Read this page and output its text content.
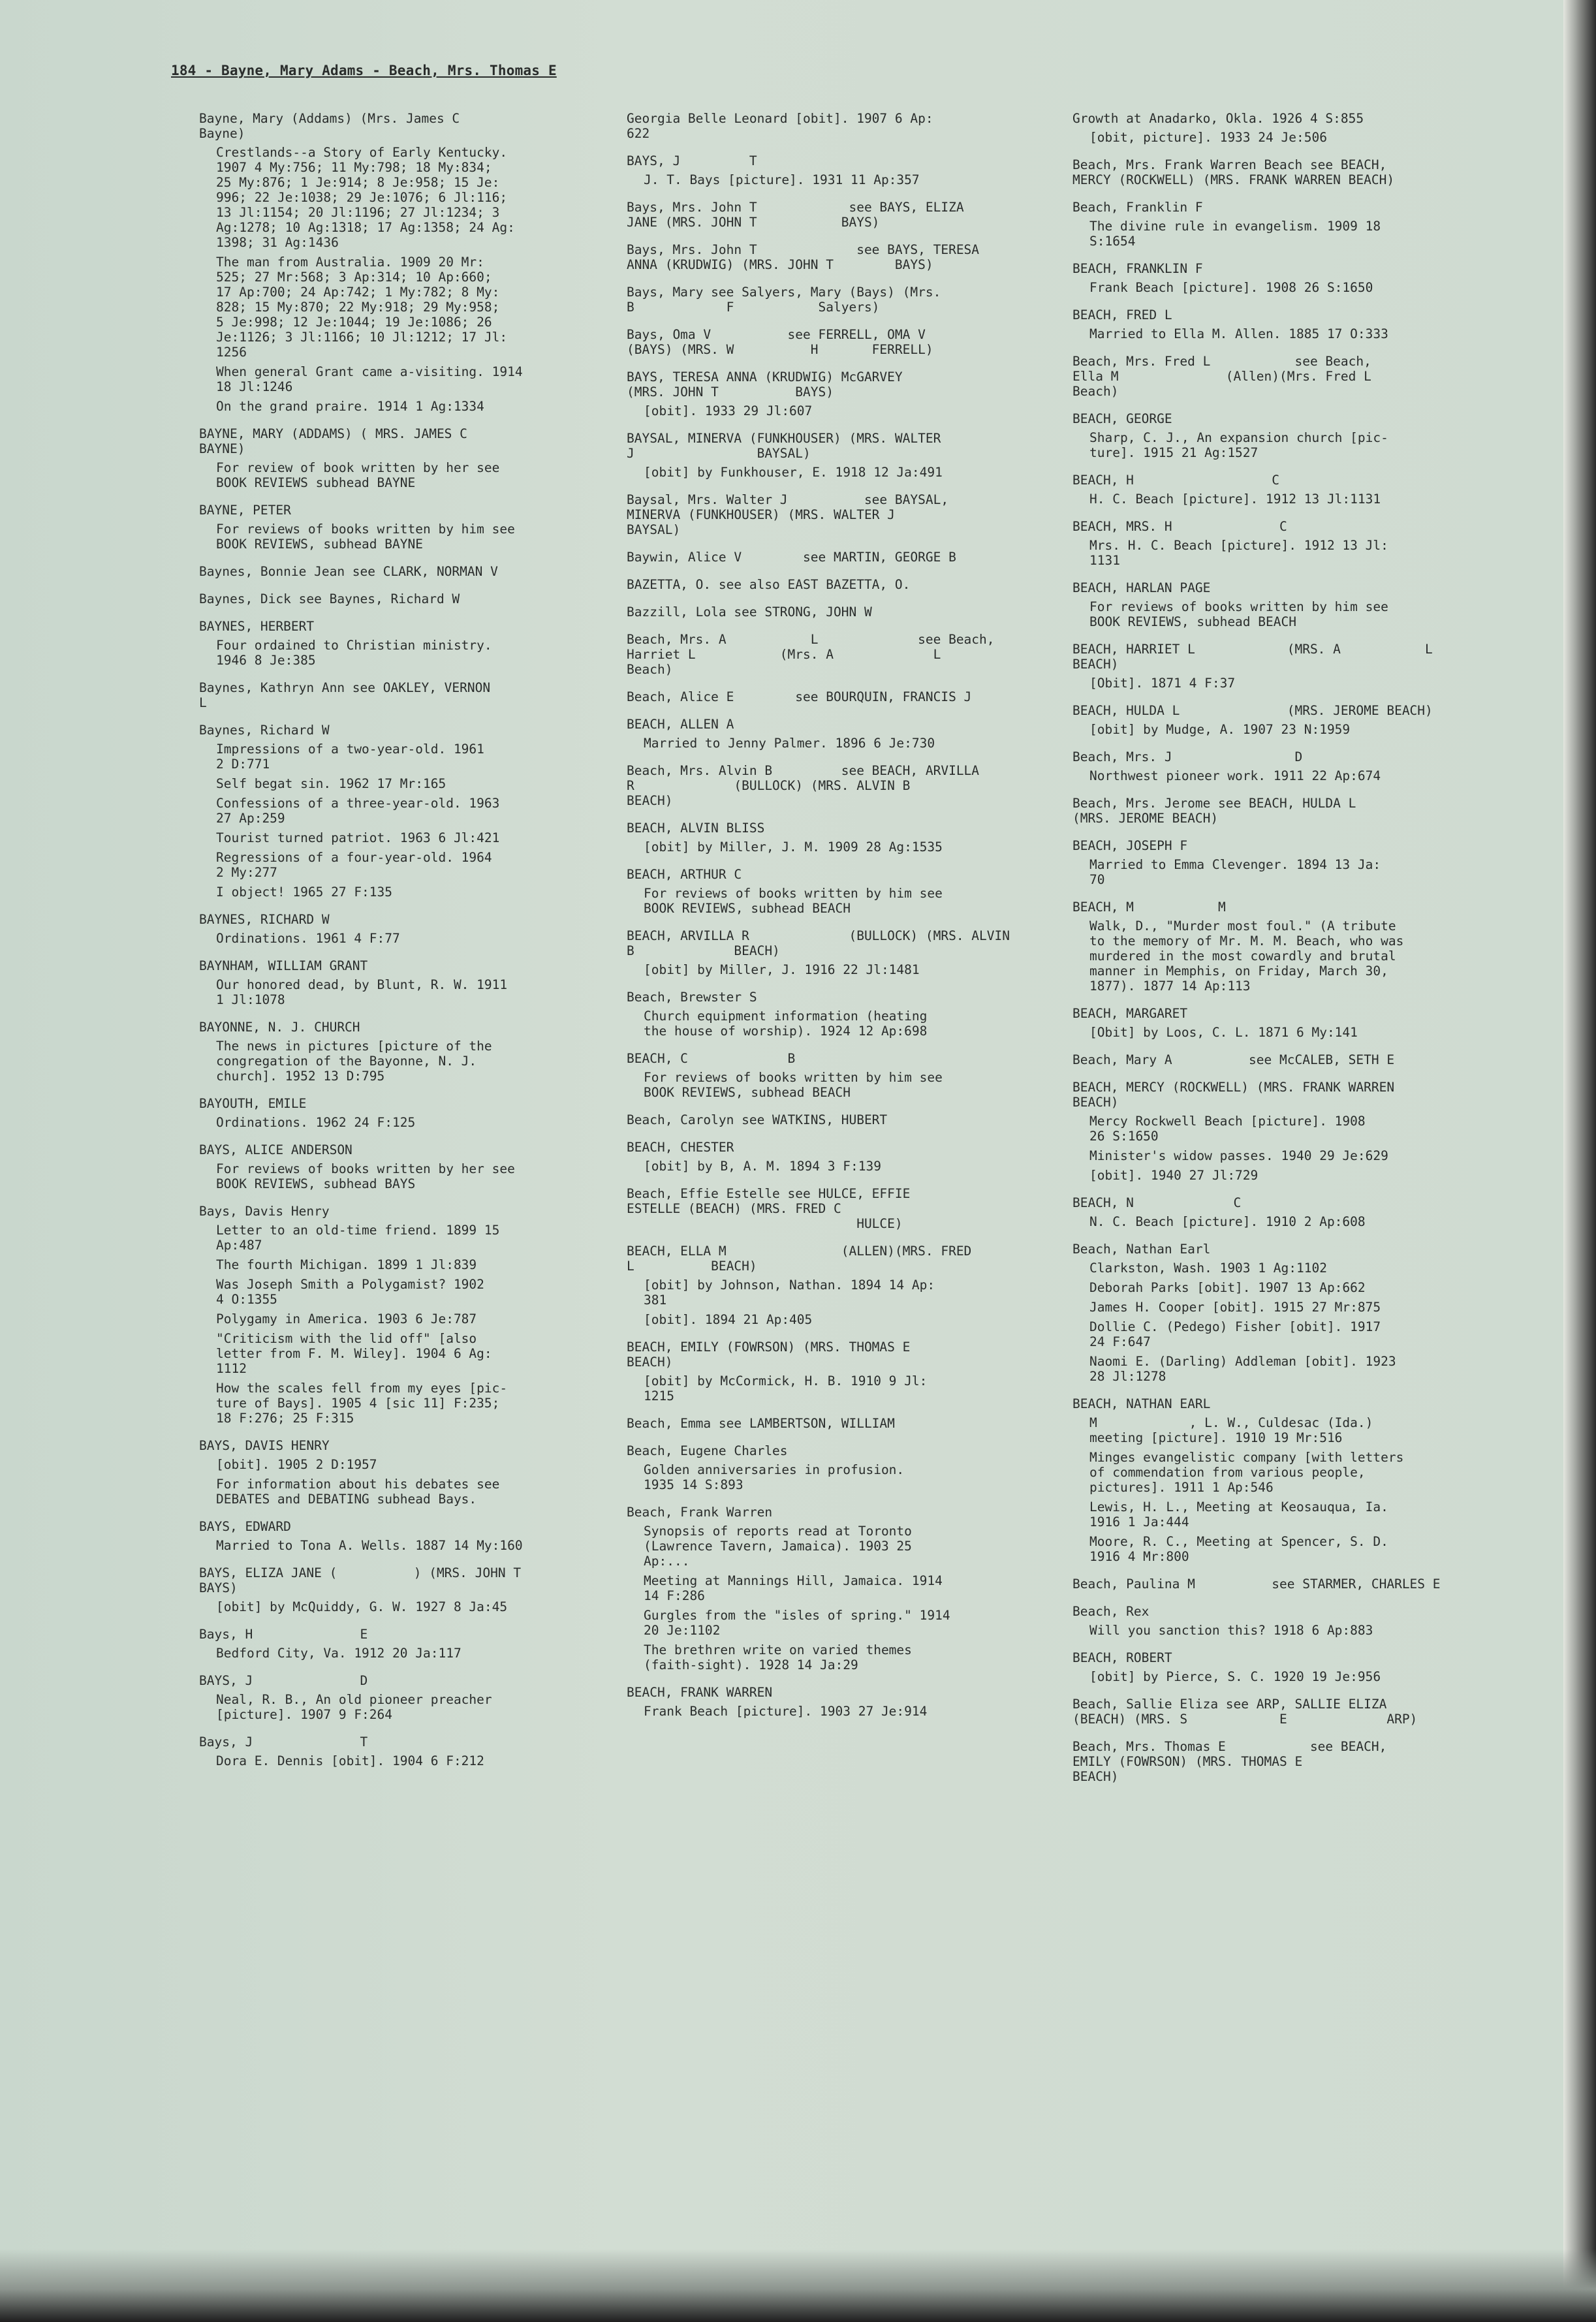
184 - Bayne, Mary Adams - Beach, Mrs. Thomas E
Bayne, Mary (Addams) (Mrs. James C
Bayne)
Crestlands--a Story of Early Kentucky.
1907 4 My:756; 11 My:798; 18 My:834;
25 My:876; 1 Je:914; 8 Je:958; 15 Je:
996; 22 Je:1038; 29 Je:1076; 6 Jl:116;
13 Jl:1154; 20 Jl:1196; 27 Jl:1234; 3
Ag:1278; 10 Ag:1318; 17 Ag:1358; 24 Ag:
1398; 31 Ag:1436
The man from Australia. 1909 20 Mr:
525; 27 Mr:568; 3 Ap:314; 10 Ap:660;
17 Ap:700; 24 Ap:742; 1 My:782; 8 My:
828; 15 My:870; 22 My:918; 29 My:958;
5 Je:998; 12 Je:1044; 19 Je:1086; 26
Je:1126; 3 Jl:1166; 10 Jl:1212; 17 Jl:
1256
When general Grant came a-visiting. 1914
18 Jl:1246
On the grand praire. 1914 1 Ag:1334
BAYNE, MARY (ADDAMS) ( MRS. JAMES C
BAYNE)
For review of book written by her see
BOOK REVIEWS subhead BAYNE
BAYNE, PETER
For reviews of books written by him see
BOOK REVIEWS, subhead BAYNE
Baynes, Bonnie Jean see CLARK, NORMAN V
Baynes, Dick see Baynes, Richard W
BAYNES, HERBERT
Four ordained to Christian ministry.
1946 8 Je:385
Baynes, Kathryn Ann see OAKLEY, VERNON
L
Baynes, Richard W
Impressions of a two-year-old. 1961
2 D:771
Self begat sin. 1962 17 Mr:165
Confessions of a three-year-old. 1963
27 Ap:259
Tourist turned patriot. 1963 6 Jl:421
Regressions of a four-year-old. 1964
2 My:277
I object! 1965 27 F:135
BAYNES, RICHARD W
Ordinations. 1961 4 F:77
BAYNHAM, WILLIAM GRANT
Our honored dead, by Blunt, R. W. 1911
1 Jl:1078
BAYONNE, N. J. CHURCH
The news in pictures [picture of the
congregation of the Bayonne, N. J.
church]. 1952 13 D:795
BAYOUTH, EMILE
Ordinations. 1962 24 F:125
BAYS, ALICE ANDERSON
For reviews of books written by her see
BOOK REVIEWS, subhead BAYS
Bays, Davis Henry
Letter to an old-time friend. 1899 15
Ap:487
The fourth Michigan. 1899 1 Jl:839
Was Joseph Smith a Polygamist? 1902
4 O:1355
Polygamy in America. 1903 6 Je:787
"Criticism with the lid off" [also
letter from F. M. Wiley]. 1904 6 Ag:
1112
How the scales fell from my eyes [pic-
ture of Bays]. 1905 4 [sic 11] F:235;
18 F:276; 25 F:315
BAYS, DAVIS HENRY
[obit]. 1905 2 D:1957
For information about his debates see
DEBATES and DEBATING subhead Bays.
BAYS, EDWARD
Married to Tona A. Wells. 1887 14 My:160
BAYS, ELIZA JANE (          ) (MRS. JOHN T
BAYS)
[obit] by McQuiddy, G. W. 1927 8 Ja:45
Bays, H              E
Bedford City, Va. 1912 20 Ja:117
BAYS, J              D
Neal, R. B., An old pioneer preacher
[picture]. 1907 9 F:264
Bays, J              T
Dora E. Dennis [obit]. 1904 6 F:212
Georgia Belle Leonard [obit]. 1907 6 Ap:
622
BAYS, J         T
J. T. Bays [picture]. 1931 11 Ap:357
Bays, Mrs. John T            see BAYS, ELIZA
JANE (MRS. JOHN T           BAYS)
Bays, Mrs. John T             see BAYS, TERESA
ANNA (KRUDWIG) (MRS. JOHN T        BAYS)
Bays, Mary see Salyers, Mary (Bays) (Mrs.
B            F           Salyers)
Bays, Oma V          see FERRELL, OMA V
(BAYS) (MRS. W          H       FERRELL)
BAYS, TERESA ANNA (KRUDWIG) McGARVEY
(MRS. JOHN T          BAYS)
[obit]. 1933 29 Jl:607
BAYSAL, MINERVA (FUNKHOUSER) (MRS. WALTER
J                BAYSAL)
[obit] by Funkhouser, E. 1918 12 Ja:491
Baysal, Mrs. Walter J          see BAYSAL,
MINERVA (FUNKHOUSER) (MRS. WALTER J
BAYSAL)
Baywin, Alice V        see MARTIN, GEORGE B
BAZETTA, O. see also EAST BAZETTA, O.
Bazzill, Lola see STRONG, JOHN W
Beach, Mrs. A           L             see Beach,
Harriet L           (Mrs. A             L
Beach)
Beach, Alice E        see BOURQUIN, FRANCIS J
BEACH, ALLEN A
Married to Jenny Palmer. 1896 6 Je:730
Beach, Mrs. Alvin B         see BEACH, ARVILLA
R             (BULLOCK) (MRS. ALVIN B
BEACH)
BEACH, ALVIN BLISS
[obit] by Miller, J. M. 1909 28 Ag:1535
BEACH, ARTHUR C
For reviews of books written by him see
BOOK REVIEWS, subhead BEACH
BEACH, ARVILLA R             (BULLOCK) (MRS. ALVIN
B             BEACH)
[obit] by Miller, J. 1916 22 Jl:1481
Beach, Brewster S
Church equipment information (heating
the house of worship). 1924 12 Ap:698
BEACH, C             B
For reviews of books written by him see
BOOK REVIEWS, subhead BEACH
Beach, Carolyn see WATKINS, HUBERT
BEACH, CHESTER
[obit] by B, A. M. 1894 3 F:139
Beach, Effie Estelle see HULCE, EFFIE
ESTELLE (BEACH) (MRS. FRED C
HULCE)
BEACH, ELLA M               (ALLEN)(MRS. FRED
L          BEACH)
[obit] by Johnson, Nathan. 1894 14 Ap:
381
[obit]. 1894 21 Ap:405
BEACH, EMILY (FOWRSON) (MRS. THOMAS E
BEACH)
[obit] by McCormick, H. B. 1910 9 Jl:
1215
Beach, Emma see LAMBERTSON, WILLIAM
Beach, Eugene Charles
Golden anniversaries in profusion.
1935 14 S:893
Beach, Frank Warren
Synopsis of reports read at Toronto
(Lawrence Tavern, Jamaica). 1903 25
Ap:...
Meeting at Mannings Hill, Jamaica. 1914
14 F:286
Gurgles from the "isles of spring." 1914
20 Je:1102
The brethren write on varied themes
(faith-sight). 1928 14 Ja:29
BEACH, FRANK WARREN
Frank Beach [picture]. 1903 27 Je:914
Growth at Anadarko, Okla. 1926 4 S:855
[obit, picture]. 1933 24 Je:506
Beach, Mrs. Frank Warren Beach see BEACH,
MERCY (ROCKWELL) (MRS. FRANK WARREN BEACH)
Beach, Franklin F
The divine rule in evangelism. 1909 18
S:1654
BEACH, FRANKLIN F
Frank Beach [picture]. 1908 26 S:1650
BEACH, FRED L
Married to Ella M. Allen. 1885 17 O:333
Beach, Mrs. Fred L           see Beach,
Ella M              (Allen)(Mrs. Fred L
Beach)
BEACH, GEORGE
Sharp, C. J., An expansion church [pic-
ture]. 1915 21 Ag:1527
BEACH, H                  C
H. C. Beach [picture]. 1912 13 Jl:1131
BEACH, MRS. H              C
Mrs. H. C. Beach [picture]. 1912 13 Jl:
1131
BEACH, HARLAN PAGE
For reviews of books written by him see
BOOK REVIEWS, subhead BEACH
BEACH, HARRIET L            (MRS. A           L
BEACH)
[Obit]. 1871 4 F:37
BEACH, HULDA L              (MRS. JEROME BEACH)
[obit] by Mudge, A. 1907 23 N:1959
Beach, Mrs. J                D
Northwest pioneer work. 1911 22 Ap:674
Beach, Mrs. Jerome see BEACH, HULDA L
(MRS. JEROME BEACH)
BEACH, JOSEPH F
Married to Emma Clevenger. 1894 13 Ja:
70
BEACH, M           M
Walk, D., "Murder most foul." (A tribute
to the memory of Mr. M. M. Beach, who was
murdered in the most cowardly and brutal
manner in Memphis, on Friday, March 30,
1877). 1877 14 Ap:113
BEACH, MARGARET
[Obit] by Loos, C. L. 1871 6 My:141
Beach, Mary A          see McCALEB, SETH E
BEACH, MERCY (ROCKWELL) (MRS. FRANK WARREN
BEACH)
Mercy Rockwell Beach [picture]. 1908
26 S:1650
Minister's widow passes. 1940 29 Je:629
[obit]. 1940 27 Jl:729
BEACH, N             C
N. C. Beach [picture]. 1910 2 Ap:608
Beach, Nathan Earl
Clarkston, Wash. 1903 1 Ag:1102
Deborah Parks [obit]. 1907 13 Ap:662
James H. Cooper [obit]. 1915 27 Mr:875
Dollie C. (Pedego) Fisher [obit]. 1917
24 F:647
Naomi E. (Darling) Addleman [obit]. 1923
28 Jl:1278
BEACH, NATHAN EARL
M            , L. W., Culdesac (Ida.)
meeting [picture]. 1910 19 Mr:516
Minges evangelistic company [with letters
of commendation from various people,
pictures]. 1911 1 Ap:546
Lewis, H. L., Meeting at Keosauqua, Ia.
1916 1 Ja:444
Moore, R. C., Meeting at Spencer, S. D.
1916 4 Mr:800
Beach, Paulina M          see STARMER, CHARLES E
Beach, Rex
Will you sanction this? 1918 6 Ap:883
BEACH, ROBERT
[obit] by Pierce, S. C. 1920 19 Je:956
Beach, Sallie Eliza see ARP, SALLIE ELIZA
(BEACH) (MRS. S            E             ARP)
Beach, Mrs. Thomas E           see BEACH,
EMILY (FOWRSON) (MRS. THOMAS E
BEACH)
